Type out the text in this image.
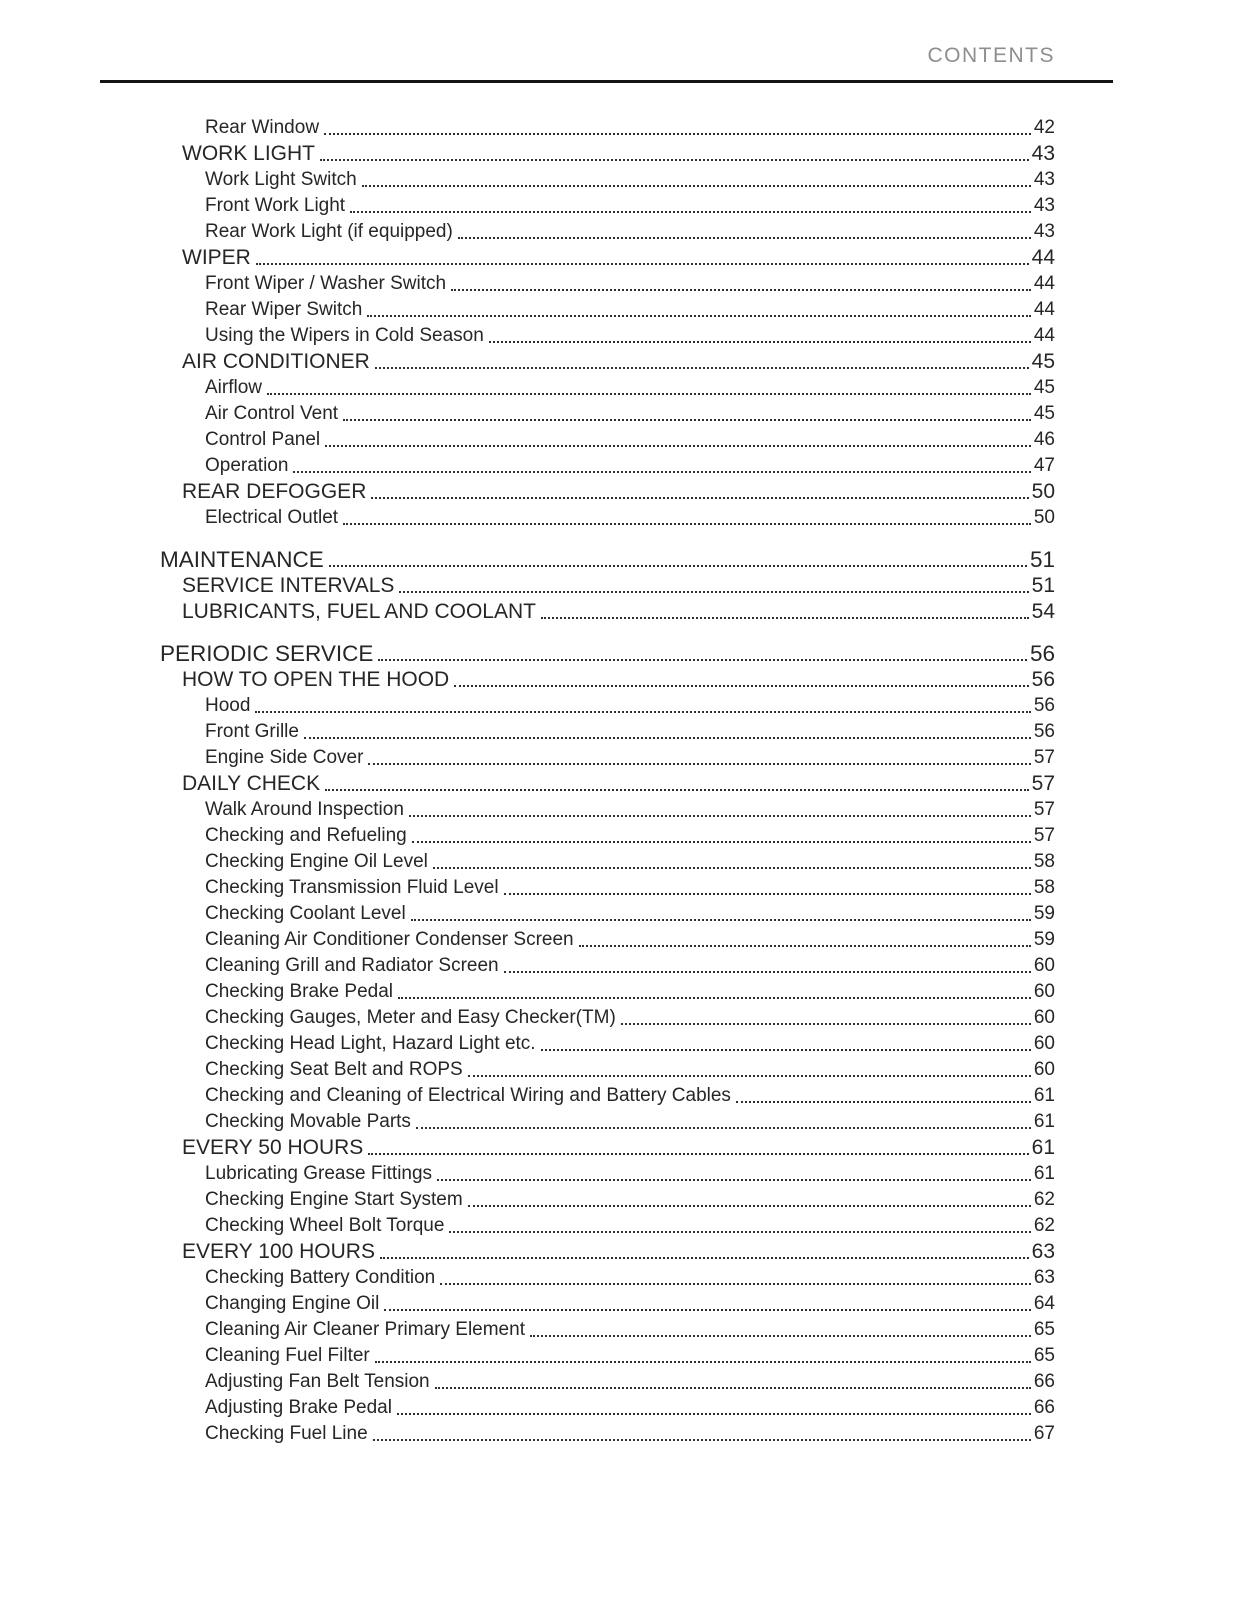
CONTENTS
Rear Window	42
WORK LIGHT	43
Work Light Switch	43
Front Work Light	43
Rear Work Light (if equipped)	43
WIPER	44
Front Wiper / Washer Switch	44
Rear Wiper Switch	44
Using the Wipers in Cold Season	44
AIR CONDITIONER	45
Airflow	45
Air Control Vent	45
Control Panel	46
Operation	47
REAR DEFOGGER	50
Electrical Outlet	50
MAINTENANCE	51
SERVICE INTERVALS	51
LUBRICANTS, FUEL AND COOLANT	54
PERIODIC SERVICE	56
HOW TO OPEN THE HOOD	56
Hood	56
Front Grille	56
Engine Side Cover	57
DAILY CHECK	57
Walk Around Inspection	57
Checking and Refueling	57
Checking Engine Oil Level	58
Checking Transmission Fluid Level	58
Checking Coolant Level	59
Cleaning Air Conditioner Condenser Screen	59
Cleaning Grill and Radiator Screen	60
Checking Brake Pedal	60
Checking Gauges, Meter and Easy Checker(TM)	60
Checking Head Light, Hazard Light etc.	60
Checking Seat Belt and ROPS	60
Checking and Cleaning of Electrical Wiring and Battery Cables	61
Checking Movable Parts	61
EVERY 50 HOURS	61
Lubricating Grease Fittings	61
Checking Engine Start System	62
Checking Wheel Bolt Torque	62
EVERY 100 HOURS	63
Checking Battery Condition	63
Changing Engine Oil	64
Cleaning Air Cleaner Primary Element	65
Cleaning Fuel Filter	65
Adjusting Fan Belt Tension	66
Adjusting Brake Pedal	66
Checking Fuel Line	67
